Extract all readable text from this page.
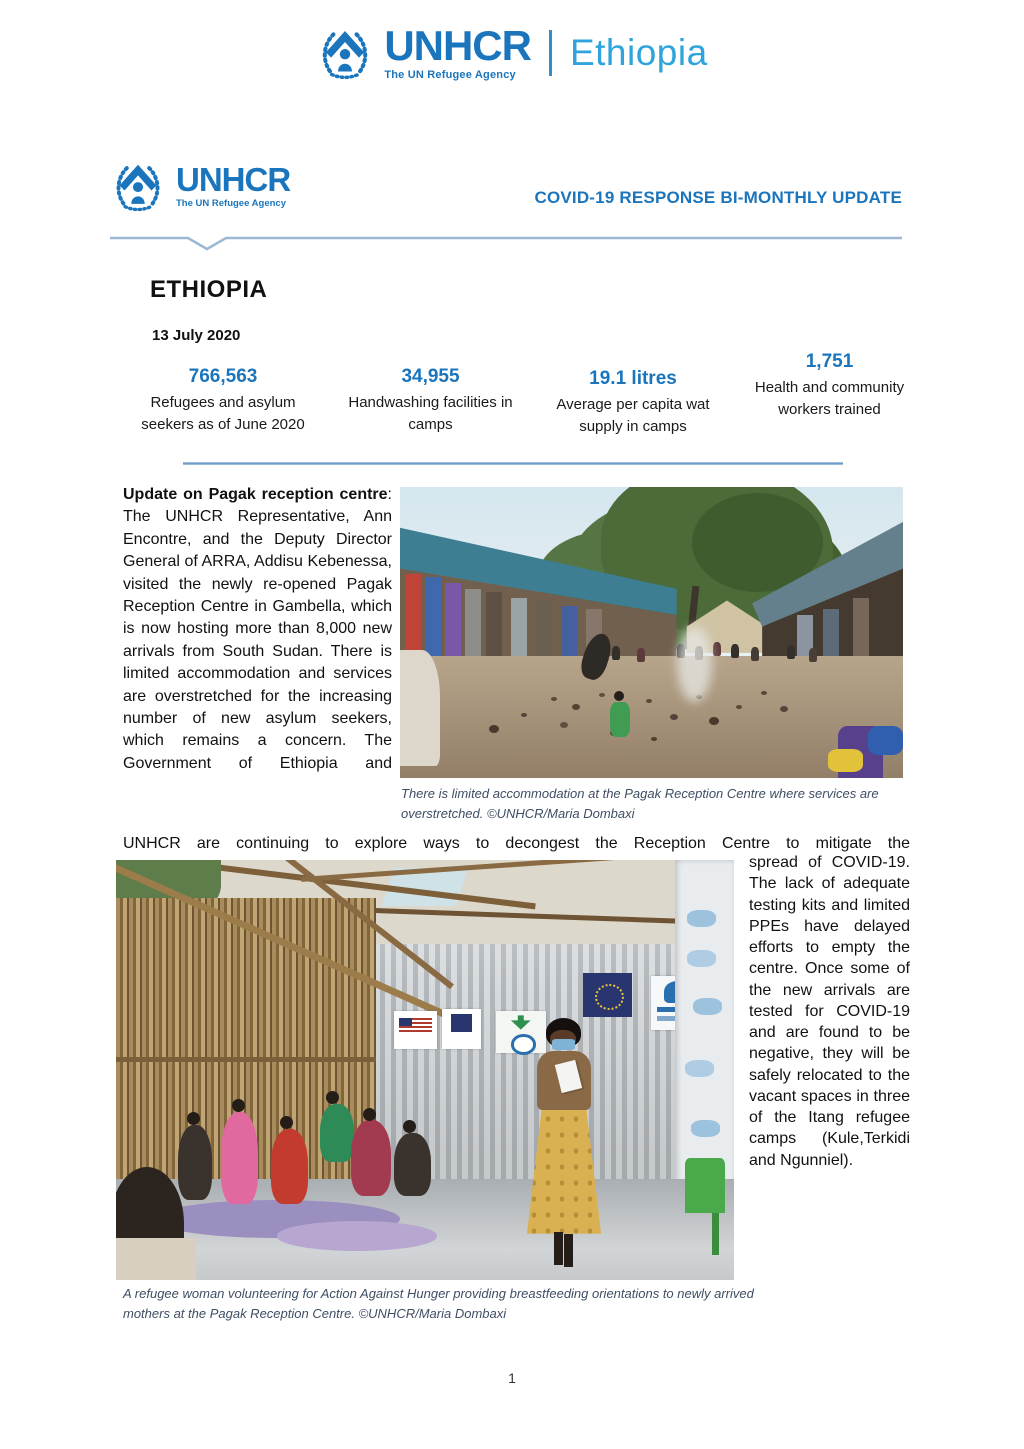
UNHCR
The UN Refugee Agency
Ethiopia
UNHCR
The UN Refugee Agency	COVID-19 RESPONSE BI-MONTHLY UPDATE
ETHIOPIA
13 July 2020
766,563
Refugees and asylum seekers as of June 2020
34,955
Handwashing facilities in camps
19.1 litres
Average per capita wat supply in camps
1,751
Health and community workers trained
Update on Pagak reception centre: The UNHCR Representative, Ann Encontre, and the Deputy Director General of ARRA, Addisu Kebenessa, visited the newly re-opened Pagak Reception Centre in Gambella, which is now hosting more than 8,000 new arrivals from South Sudan. There is limited accommodation and services are overstretched for the increasing number of new asylum seekers, which remains a concern. The Government of Ethiopia and
There is limited accommodation at the Pagak Reception Centre where services are overstretched. ©UNHCR/Maria Dombaxi
UNHCR are continuing to explore ways to decongest the Reception Centre to mitigate the
spread of COVID-19. The lack of adequate testing kits and limited PPEs have delayed efforts to empty the centre. Once some of the new arrivals are tested for COVID-19 and are found to be negative, they will be safely relocated to the vacant spaces in three of the Itang refugee camps (Kule,Terkidi and Ngunniel).
A refugee woman volunteering for Action Against Hunger providing breastfeeding orientations to newly arrived mothers at the Pagak Reception Centre. ©UNHCR/Maria Dombaxi
1
